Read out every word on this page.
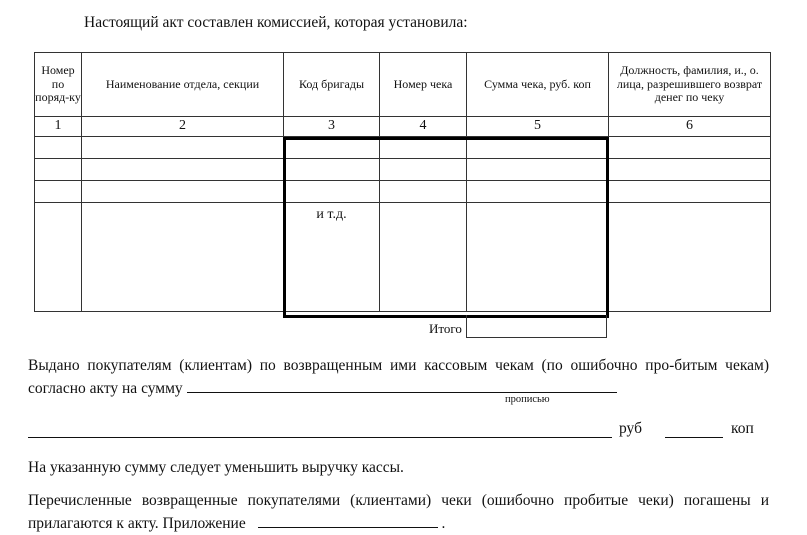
Настоящий акт составлен комиссией, которая установила:
Номер по поряд-ку	Наименование отдела, секции	Код бригады	Номер чека	Сумма чека, руб. коп	Должность, фамилия, и., о. лица, разрешившего возврат денег по чеку
1	2	3	4	5	6

		и т.д.			
Итого
Выдано покупателям (клиентам) по возвращенным ими кассовым чекам (по ошибочно про-битым чекам) согласно акту на сумму
прописью
руб	коп
На указанную сумму следует уменьшить выручку кассы.
Перечисленные возвращенные покупателями (клиентами) чеки (ошибочно пробитые чеки) погашены и прилагаются к акту. Приложение	.
